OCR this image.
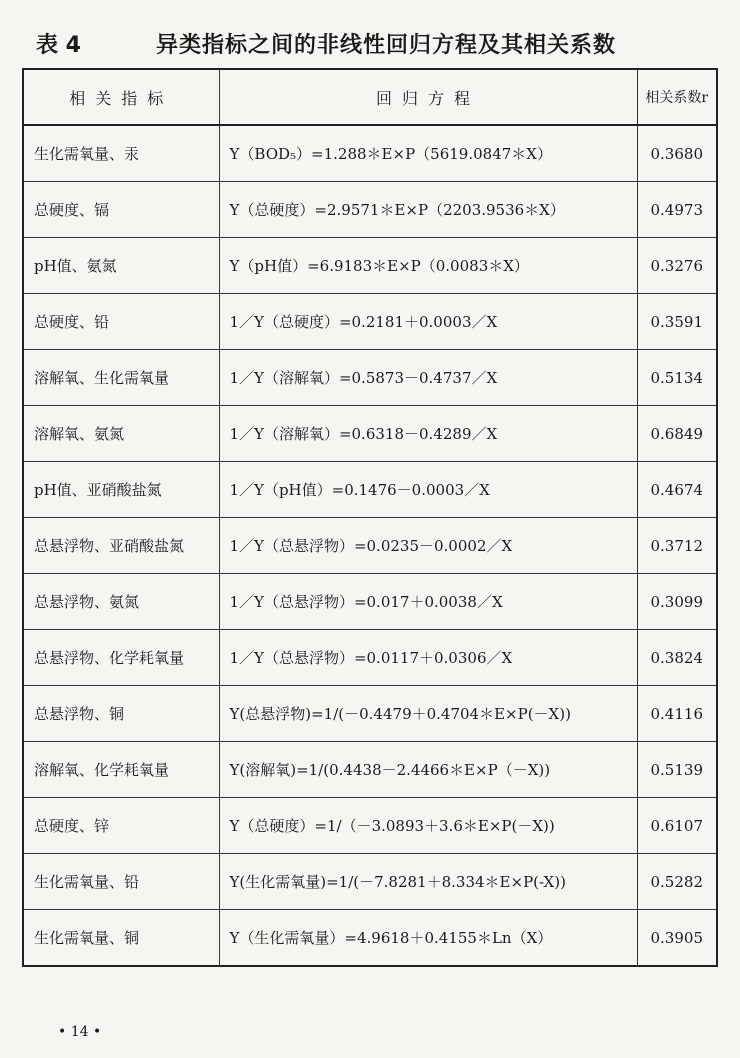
表 4	异类指标之间的非线性回归方程及其相关系数
相关指标	回归方程	相关系数r
生化需氧量、汞	Y（BOD₅）=1.288＊E×P（5619.0847＊X）	0.3680
总硬度、镉	Y（总硬度）=2.9571＊E×P（2203.9536＊X）	0.4973
pH值、氨氮	Y（pH值）=6.9183＊E×P（0.0083＊X）	0.3276
总硬度、铅	1／Y（总硬度）=0.2181＋0.0003／X	0.3591
溶解氧、生化需氧量	1／Y（溶解氧）=0.5873－0.4737／X	0.5134
溶解氧、氨氮	1／Y（溶解氧）=0.6318－0.4289／X	0.6849
pH值、亚硝酸盐氮	1／Y（pH值）=0.1476－0.0003／X	0.4674
总悬浮物、亚硝酸盐氮	1／Y（总悬浮物）=0.0235－0.0002／X	0.3712
总悬浮物、氨氮	1／Y（总悬浮物）=0.017＋0.0038／X	0.3099
总悬浮物、化学耗氧量	1／Y（总悬浮物）=0.0117＋0.0306／X	0.3824
总悬浮物、铜	Y(总悬浮物)=1/(－0.4479＋0.4704＊E×P(－X))	0.4116
溶解氧、化学耗氧量	Y(溶解氧)=1/(0.4438－2.4466＊E×P（－X))	0.5139
总硬度、锌	Y（总硬度）=1/（－3.0893＋3.6＊E×P(－X))	0.6107
生化需氧量、铅	Y(生化需氧量)=1/(－7.8281＋8.334＊E×P(-X))	0.5282
生化需氧量、铜	Y（生化需氧量）=4.9618＋0.4155＊Ln（X）	0.3905
• 14 •
